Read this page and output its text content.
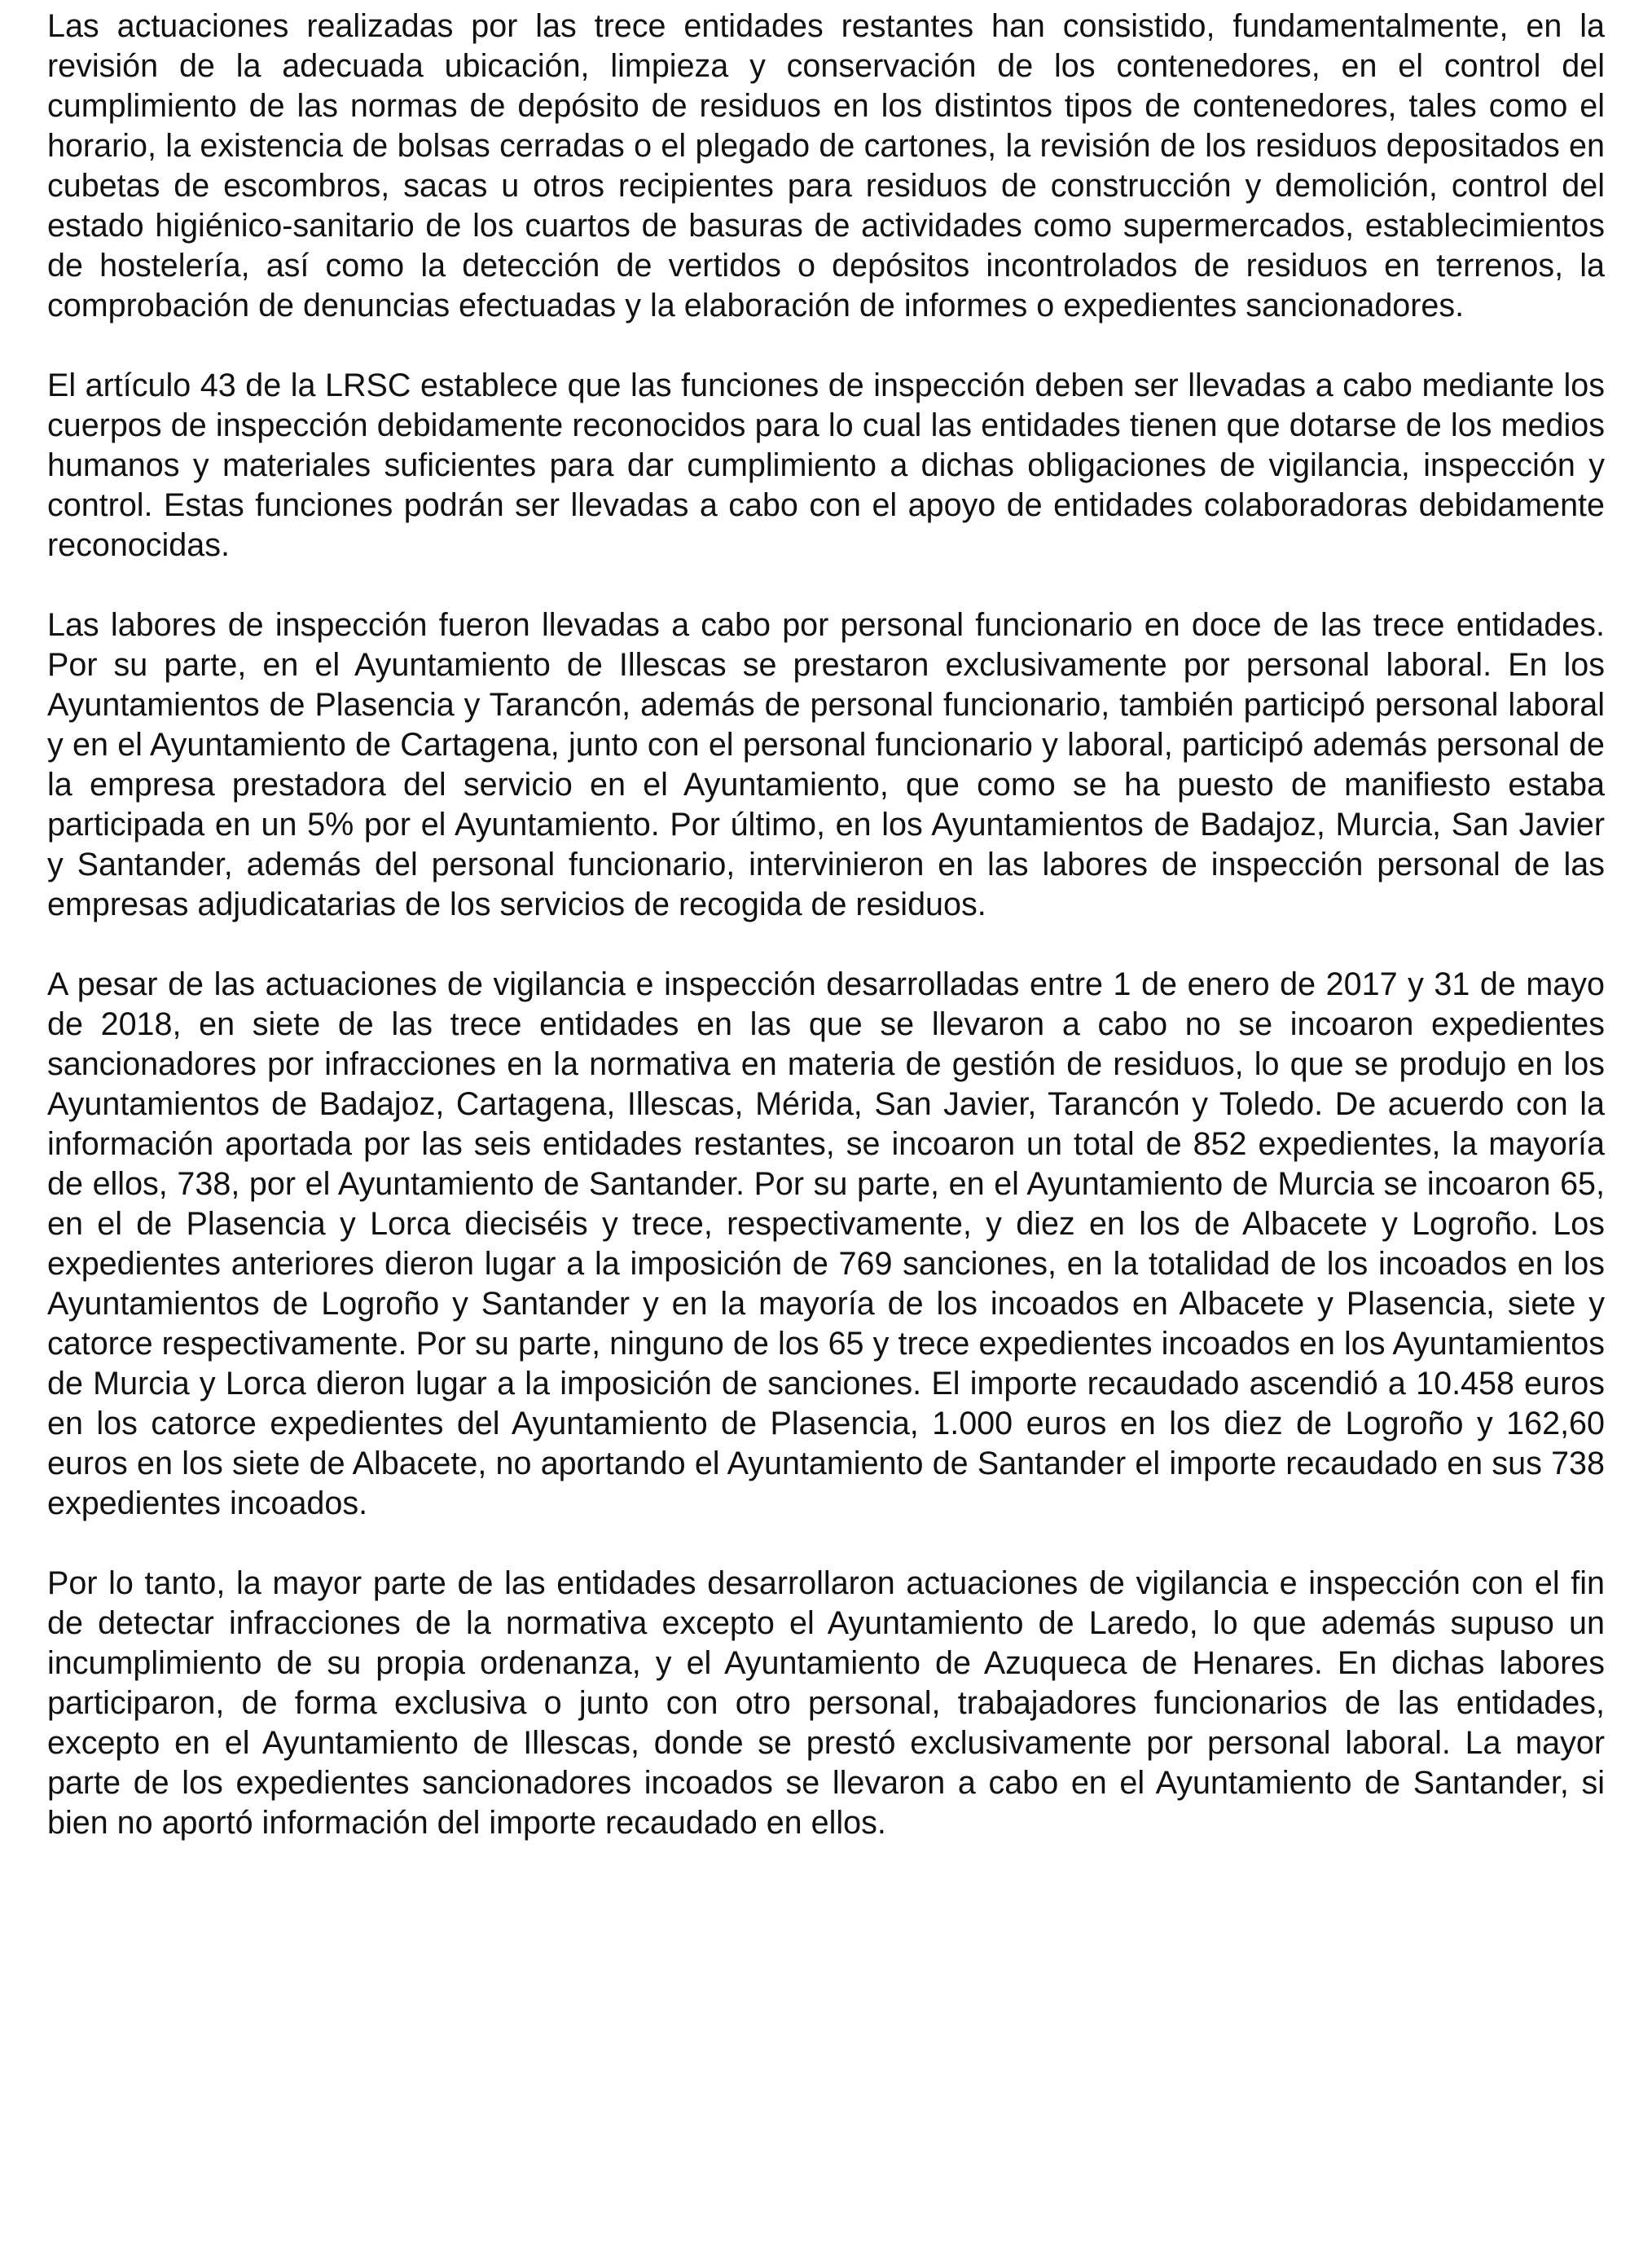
Las actuaciones realizadas por las trece entidades restantes han consistido, fundamentalmente, en la revisión de la adecuada ubicación, limpieza y conservación de los contenedores, en el control del cumplimiento de las normas de depósito de residuos en los distintos tipos de contenedores, tales como el horario, la existencia de bolsas cerradas o el plegado de cartones, la revisión de los residuos depositados en cubetas de escombros, sacas u otros recipientes para residuos de construcción y demolición, control del estado higiénico-sanitario de los cuartos de basuras de actividades como supermercados, establecimientos de hostelería, así como la detección de vertidos o depósitos incontrolados de residuos en terrenos, la comprobación de denuncias efectuadas y la elaboración de informes o expedientes sancionadores.

El artículo 43 de la LRSC establece que las funciones de inspección deben ser llevadas a cabo mediante los cuerpos de inspección debidamente reconocidos para lo cual las entidades tienen que dotarse de los medios humanos y materiales suficientes para dar cumplimiento a dichas obligaciones de vigilancia, inspección y control. Estas funciones podrán ser llevadas a cabo con el apoyo de entidades colaboradoras debidamente reconocidas.

Las labores de inspección fueron llevadas a cabo por personal funcionario en doce de las trece entidades. Por su parte, en el Ayuntamiento de Illescas se prestaron exclusivamente por personal laboral. En los Ayuntamientos de Plasencia y Tarancón, además de personal funcionario, también participó personal laboral y en el Ayuntamiento de Cartagena, junto con el personal funcionario y laboral, participó además personal de la empresa prestadora del servicio en el Ayuntamiento, que como se ha puesto de manifiesto estaba participada en un 5% por el Ayuntamiento. Por último, en los Ayuntamientos de Badajoz, Murcia, San Javier y Santander, además del personal funcionario, intervinieron en las labores de inspección personal de las empresas adjudicatarias de los servicios de recogida de residuos.

A pesar de las actuaciones de vigilancia e inspección desarrolladas entre 1 de enero de 2017 y 31 de mayo de 2018, en siete de las trece entidades en las que se llevaron a cabo no se incoaron expedientes sancionadores por infracciones en la normativa en materia de gestión de residuos, lo que se produjo en los Ayuntamientos de Badajoz, Cartagena, Illescas, Mérida, San Javier, Tarancón y Toledo. De acuerdo con la información aportada por las seis entidades restantes, se incoaron un total de 852 expedientes, la mayoría de ellos, 738, por el Ayuntamiento de Santander. Por su parte, en el Ayuntamiento de Murcia se incoaron 65, en el de Plasencia y Lorca dieciséis y trece, respectivamente, y diez en los de Albacete y Logroño. Los expedientes anteriores dieron lugar a la imposición de 769 sanciones, en la totalidad de los incoados en los Ayuntamientos de Logroño y Santander y en la mayoría de los incoados en Albacete y Plasencia, siete y catorce respectivamente. Por su parte, ninguno de los 65 y trece expedientes incoados en los Ayuntamientos de Murcia y Lorca dieron lugar a la imposición de sanciones. El importe recaudado ascendió a 10.458 euros en los catorce expedientes del Ayuntamiento de Plasencia, 1.000 euros en los diez de Logroño y 162,60 euros en los siete de Albacete, no aportando el Ayuntamiento de Santander el importe recaudado en sus 738 expedientes incoados.

Por lo tanto, la mayor parte de las entidades desarrollaron actuaciones de vigilancia e inspección con el fin de detectar infracciones de la normativa excepto el Ayuntamiento de Laredo, lo que además supuso un incumplimiento de su propia ordenanza, y el Ayuntamiento de Azuqueca de Henares. En dichas labores participaron, de forma exclusiva o junto con otro personal, trabajadores funcionarios de las entidades, excepto en el Ayuntamiento de Illescas, donde se prestó exclusivamente por personal laboral. La mayor parte de los expedientes sancionadores incoados se llevaron a cabo en el Ayuntamiento de Santander, si bien no aportó información del importe recaudado en ellos.
